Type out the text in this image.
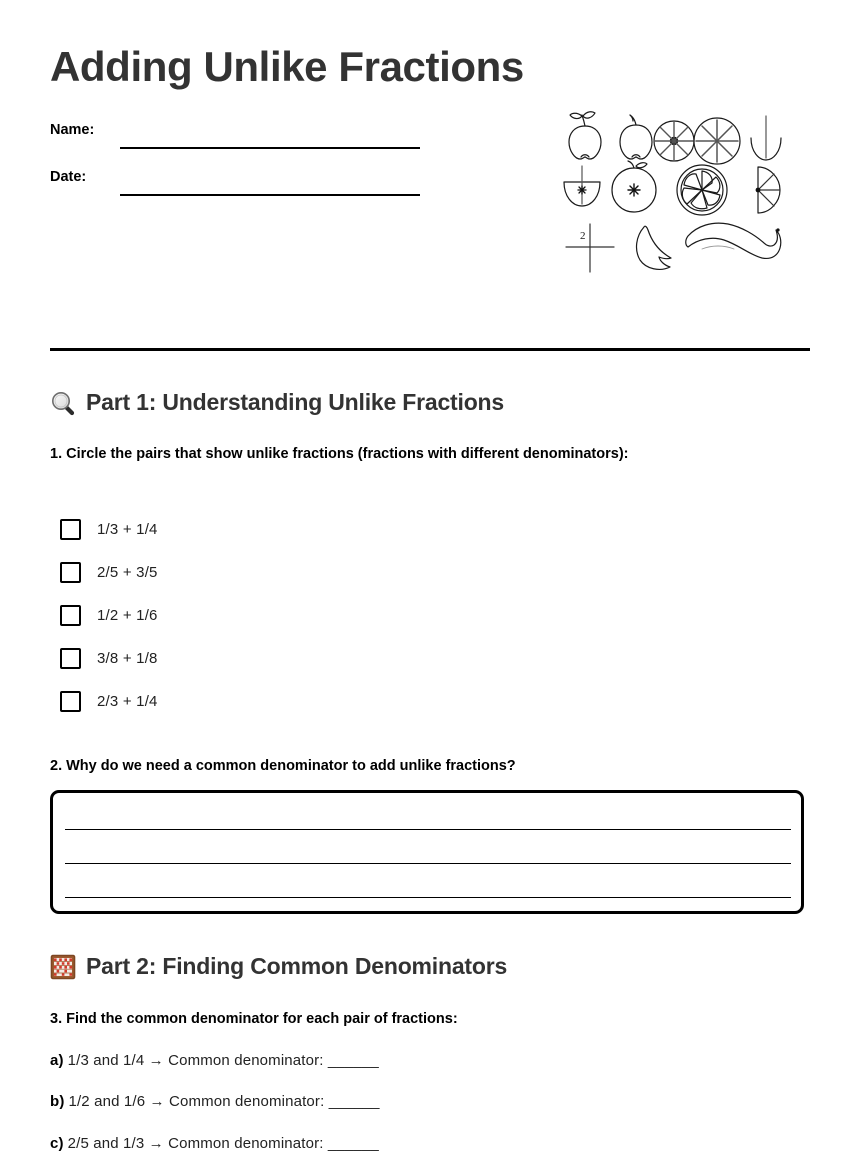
Adding Unlike Fractions
Name:
Date:
2
Part 1: Understanding Unlike Fractions
1. Circle the pairs that show unlike fractions (fractions with different denominators):
1/3 + 1/4
2/5 + 3/5
1/2 + 1/6
3/8 + 1/8
2/3 + 1/4
2. Why do we need a common denominator to add unlike fractions?
Part 2: Finding Common Denominators
3. Find the common denominator for each pair of fractions:
a) 1/3 and 1/4 → Common denominator: ______
b) 1/2 and 1/6 → Common denominator: ______
c) 2/5 and 1/3 → Common denominator: ______
